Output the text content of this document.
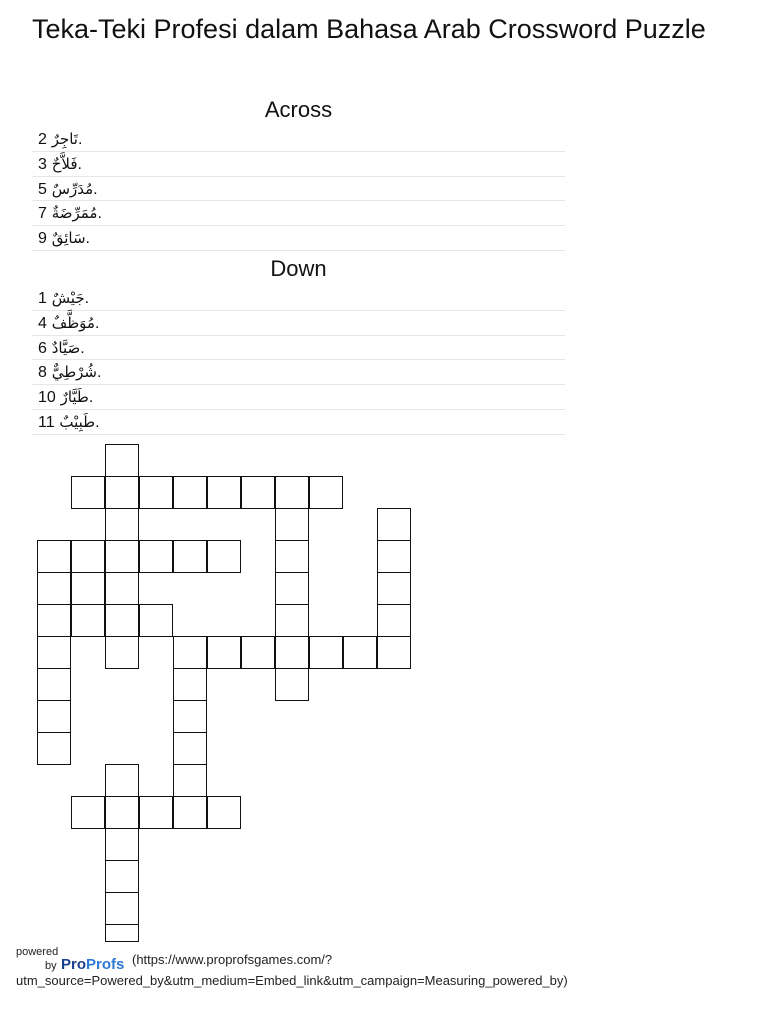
Teka-Teki Profesi dalam Bahasa Arab Crossword Puzzle
Across
تَاجِرٌ 2.
فَلاَّحٌ 3.
مُدَرِّسٌ 5.
مُمَرِّضَةٌ 7.
سَائِقٌ 9.
Down
جَيْشٌ 1.
مُوَظَّفٌ 4.
صَيَّادٌ 6.
شُرْطِيٌّ 8.
طَيَّارٌ 10.
طَبِيْبٌ 11.
powered
by ProProfs (https://www.proprofsgames.com/?
utm_source=Powered_by&utm_medium=Embed_link&utm_campaign=Measuring_powered_by)
